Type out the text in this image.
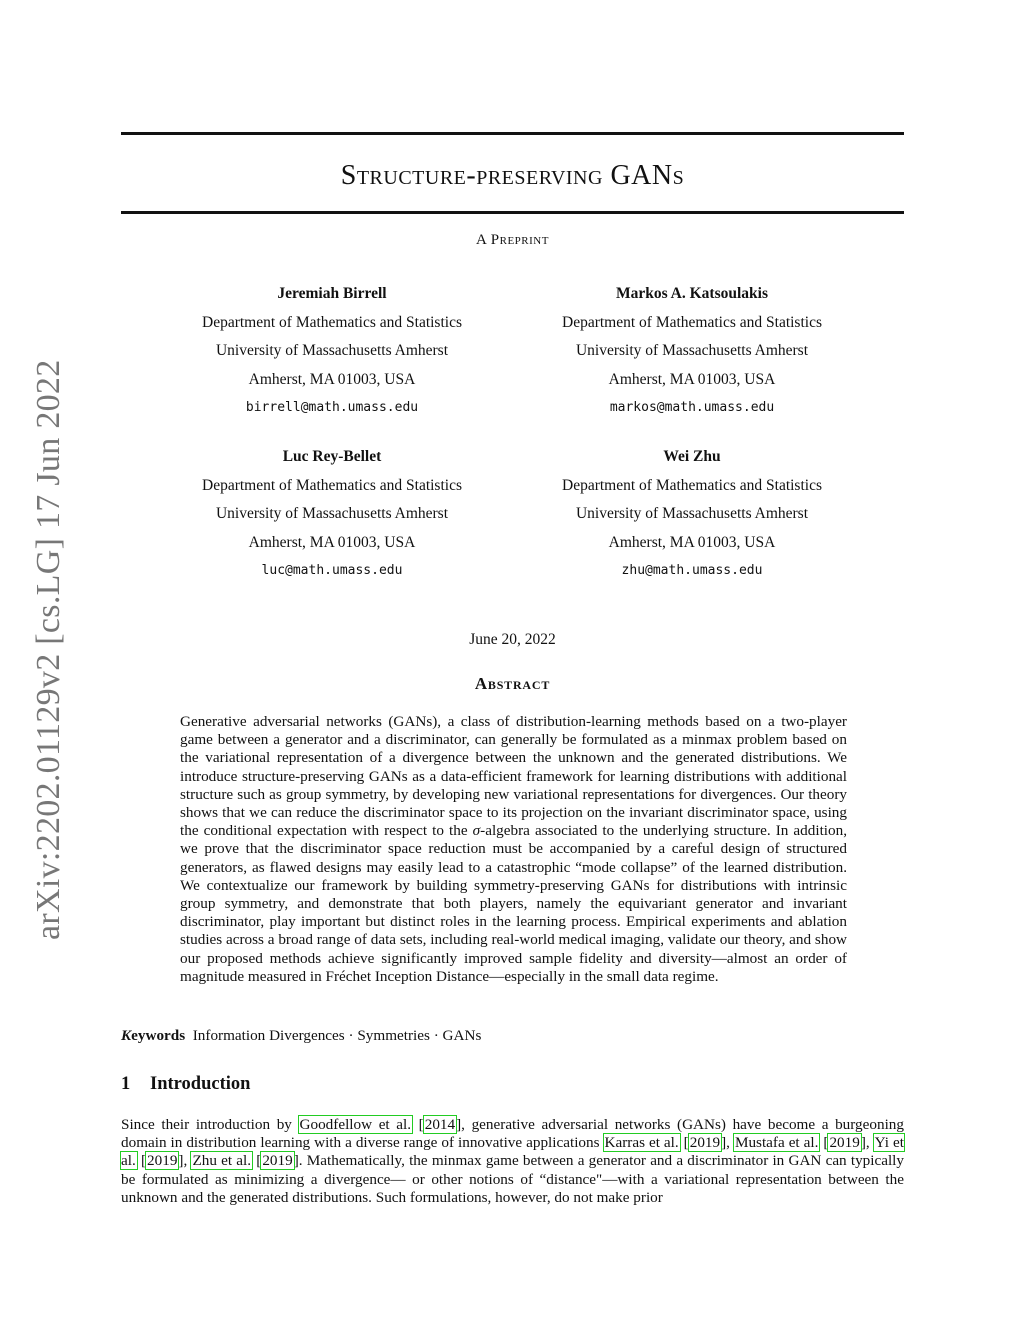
Structure-preserving GANs
A Preprint
Jeremiah Birrell
Department of Mathematics and Statistics
University of Massachusetts Amherst
Amherst, MA 01003, USA
birrell@math.umass.edu
Markos A. Katsoulakis
Department of Mathematics and Statistics
University of Massachusetts Amherst
Amherst, MA 01003, USA
markos@math.umass.edu
Luc Rey-Bellet
Department of Mathematics and Statistics
University of Massachusetts Amherst
Amherst, MA 01003, USA
luc@math.umass.edu
Wei Zhu
Department of Mathematics and Statistics
University of Massachusetts Amherst
Amherst, MA 01003, USA
zhu@math.umass.edu
arXiv:2202.01129v2 [cs.LG] 17 Jun 2022	June 20, 2022
Abstract

Generative adversarial networks (GANs), a class of distribution-learning methods based on a two-player game between a generator and a discriminator, can generally be formulated as a minmax problem based on the variational representation of a divergence between the unknown and the generated distributions. We introduce structure-preserving GANs as a data-efficient framework for learning distributions with additional structure such as group symmetry, by developing new variational representations for divergences. Our theory shows that we can reduce the discriminator space to its projection on the invariant discriminator space, using the conditional expectation with respect to the σ-algebra associated to the underlying structure. In addition, we prove that the discriminator space reduction must be accompanied by a careful design of structured generators, as flawed designs may easily lead to a catastrophic “mode collapse” of the learned distribution. We contextualize our framework by building symmetry-preserving GANs for distributions with intrinsic group symmetry, and demonstrate that both players, namely the equivariant generator and invariant discriminator, play important but distinct roles in the learning process. Empirical experiments and ablation studies across a broad range of data sets, including real-world medical imaging, validate our theory, and show our proposed methods achieve significantly improved sample fidelity and diversity—almost an order of magnitude measured in Fréchet Inception Distance—especially in the small data regime.

Keywords Information Divergences · Symmetries · GANs
1 Introduction

Since their introduction by Goodfellow et al. [2014], generative adversarial networks (GANs) have become a burgeoning domain in distribution learning with a diverse range of innovative applications Karras et al. [2019], Mustafa et al. [2019], Yi et al. [2019], Zhu et al. [2019]. Mathematically, the minmax game between a generator and a discriminator in GAN can typically be formulated as minimizing a divergence— or other notions of “distance"—with a variational representation between the unknown and the generated distributions. Such formulations, however, do not make prior
